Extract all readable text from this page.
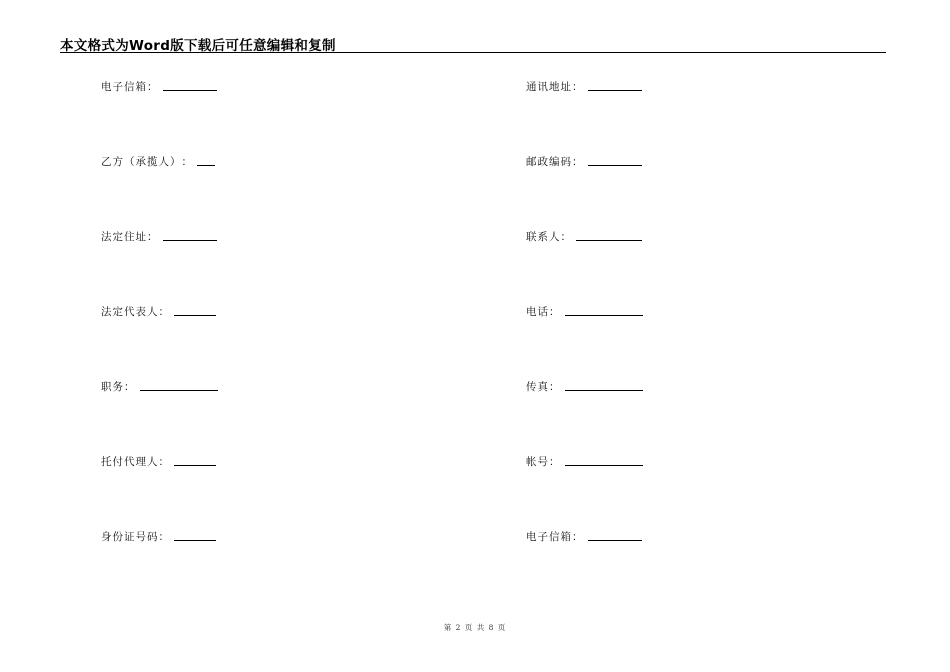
本文格式为Word版下载后可任意编辑和复制
电子信箱：
乙方（承揽人）：
法定住址：
法定代表人：
职务：
托付代理人：
身份证号码：
通讯地址：
邮政编码：
联系人：
电话：
传真：
帐号：
电子信箱：
第 2 页 共 8 页
